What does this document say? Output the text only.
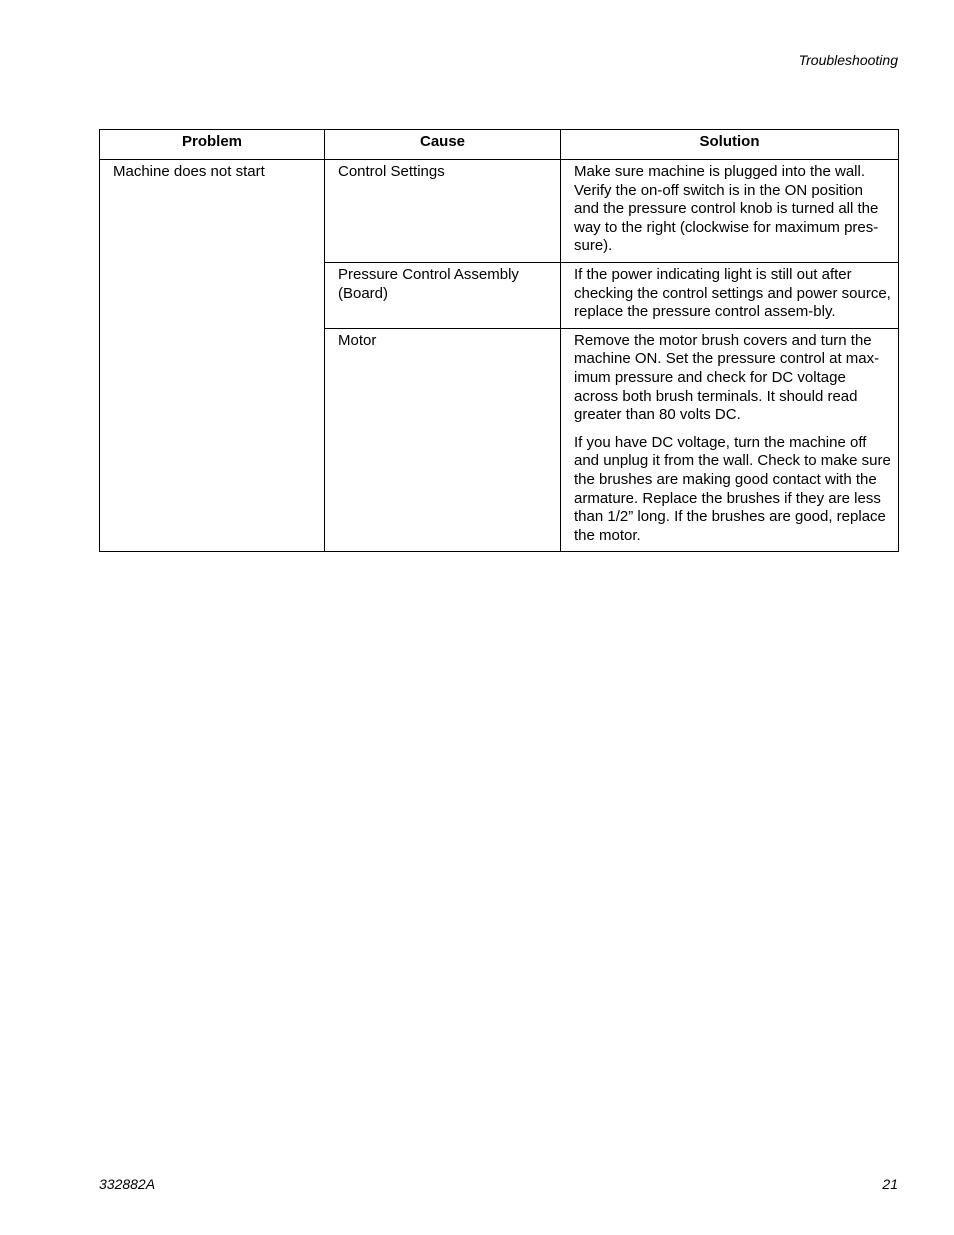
Troubleshooting
Problem	Cause	Solution
Machine does not start	Control Settings	Make sure machine is plugged into the wall. Verify the on-off switch is in the ON position and the pressure control knob is turned all the way to the right (clockwise for maximum pres-sure).

	Pressure Control Assembly (Board)	If the power indicating light is still out after checking the control settings and power source, replace the pressure control assem-bly.

	Motor	Remove the motor brush covers and turn the machine ON. Set the pressure control at max-imum pressure and check for DC voltage across both brush terminals. It should read greater than 80 volts DC.

If you have DC voltage, turn the machine off and unplug it from the wall. Check to make sure the brushes are making good contact with the armature. Replace the brushes if they are less than 1/2” long. If the brushes are good, replace the motor.

332882A	21
